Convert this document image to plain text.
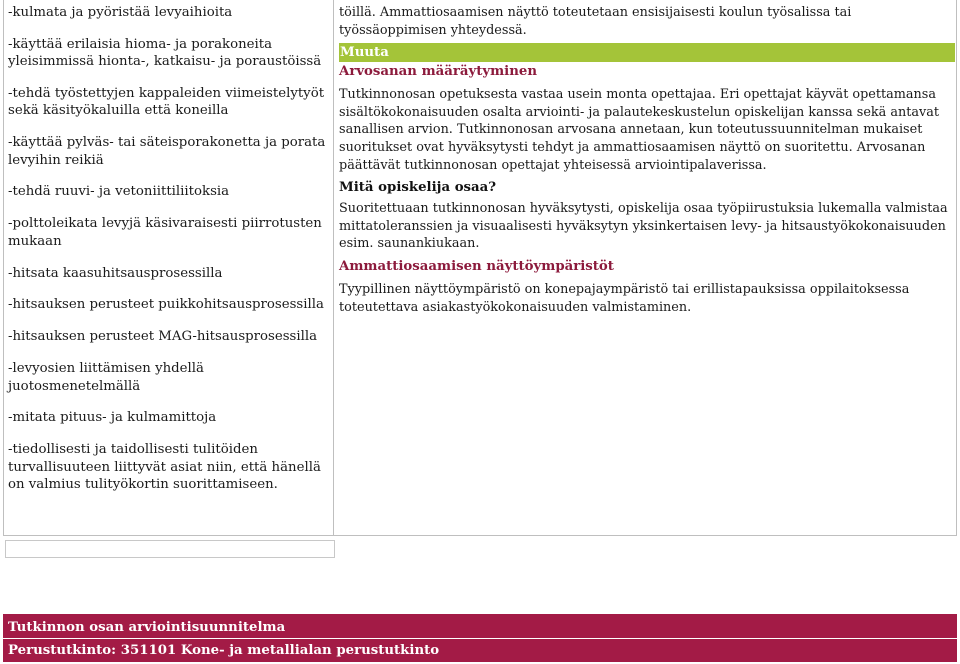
-kulmata ja pyöristää levyaihioita

-käyttää erilaisia hioma- ja porakoneita yleisimmissä hionta-, katkaisu- ja poraustöissä

-tehdä työstettyjen kappaleiden viimeistelytyöt sekä käsityökaluilla että koneilla

-käyttää pylväs- tai säteisporakonetta ja porata levyihin reikiä

-tehdä ruuvi- ja vetoniittiliitoksia

-polttoleikata levyjä käsivaraisesti piirrotusten mukaan

-hitsata kaasuhitsausprosessilla

-hitsauksen perusteet puikkohitsausprosessilla

-hitsauksen perusteet MAG-hitsausprosessilla

-levyosien liittämisen yhdellä juotosmenetelmällä

-mitata pituus- ja kulmamittoja

-tiedollisesti ja taidollisesti tulitöiden turvallisuuteen liittyvät asiat niin, että hänellä on valmius tulityökortin suorittamiseen.

töillä. Ammattiosaamisen näyttö toteutetaan ensisijaisesti koulun työsalissa tai työssäoppimisen yhteydessä.

Muuta
Arvosanan määräytyminen

Tutkinnonosan opetuksesta vastaa usein monta opettajaa. Eri opettajat käyvät opettamansa sisältökokonaisuuden osalta arviointi- ja palautekeskustelun opiskelijan kanssa sekä antavat sanallisen arvion. Tutkinnonosan arvosana annetaan, kun toteutussuunnitelman mukaiset suoritukset ovat hyväksytysti tehdyt ja ammattiosaamisen näyttö on suoritettu. Arvosanan päättävät tutkinnonosan opettajat yhteisessä arviointipalaverissa.

Mitä opiskelija osaa?

Suoritettuaan tutkinnonosan hyväksytysti, opiskelija osaa työpiirustuksia lukemalla valmistaa mittatoleranssien ja visuaalisesti hyväksytyn yksinkertaisen levy- ja hitsaustyökokonaisuuden esim. saunankiukaan.

Ammattiosaamisen näyttöympäristöt

Tyypillinen näyttöympäristö on konepajaympäristö tai erillistapauksissa oppilaitoksessa toteutettava asiakastyökokonaisuuden valmistaminen.

Tutkinnon osan arviointisuunnitelma
Perustutkinto: 351101 Kone- ja metallialan perustutkinto
